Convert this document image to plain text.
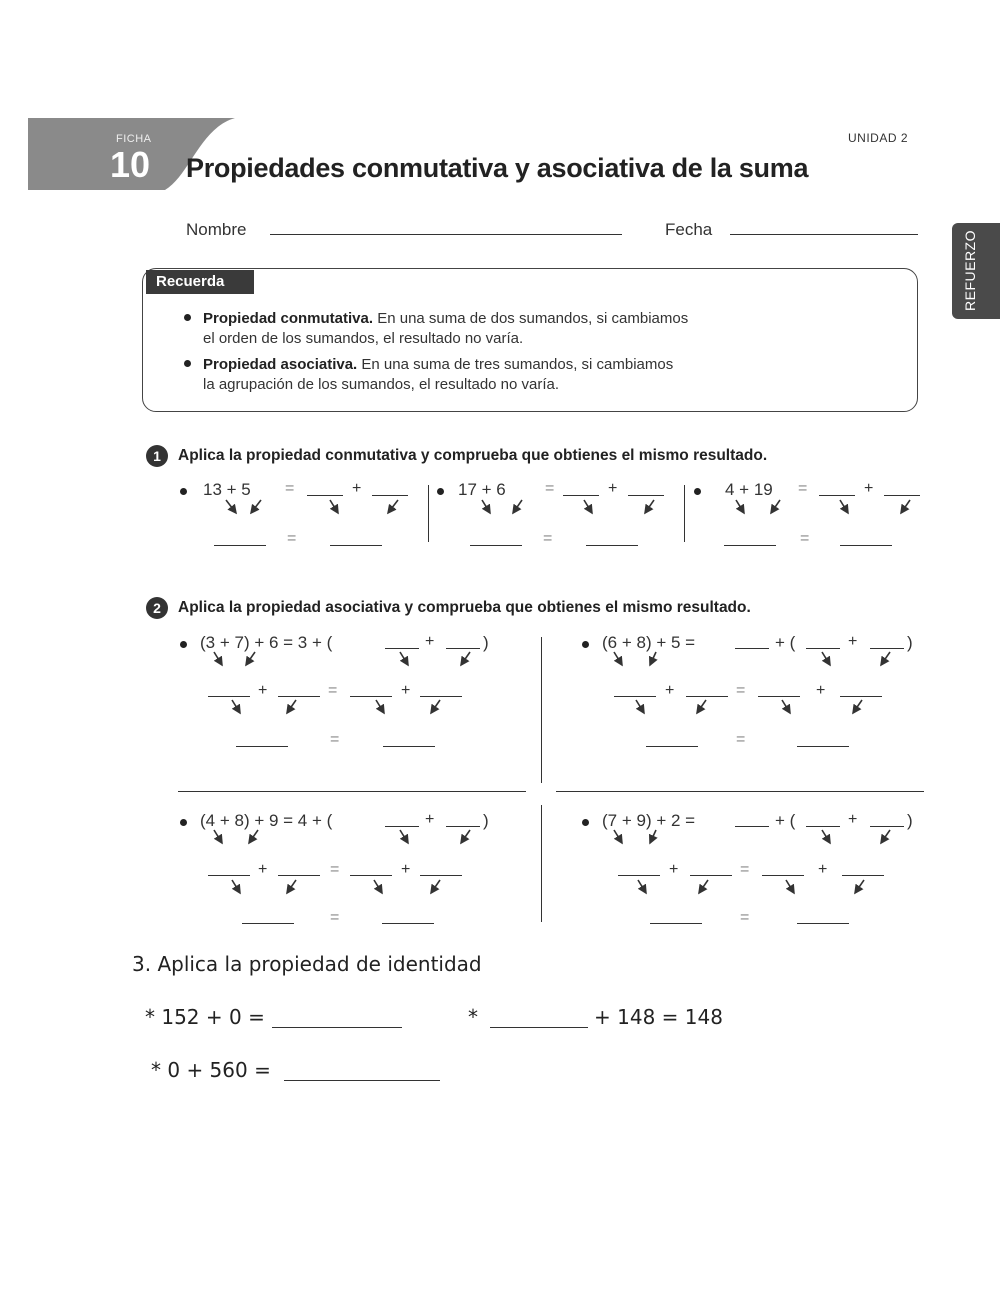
FICHA
10
UNIDAD 2
Propiedades conmutativa y asociativa de la suma
REFUERZO
Nombre	Fecha
Recuerda
Propiedad conmutativa. En una suma de dos sumandos, si cambiamos
el orden de los sumandos, el resultado no varía.
Propiedad asociativa. En una suma de tres sumandos, si cambiamos
la agrupación de los sumandos, el resultado no varía.
1	Aplica la propiedad conmutativa y comprueba que obtienes el mismo resultado.
13 + 5 =	+
=
17 + 6 =	+
=
4 + 19 =	+
=
2	Aplica la propiedad asociativa y comprueba que obtienes el mismo resultado.
(3 + 7) + 6 = 3 + (	+	)
+	=	+
=
(6 + 8) + 5 =	+ (	+	)
+	=	+
=
(4 + 8) + 9 = 4 + (	+	)
+	=	+
=
(7 + 9) + 2 =	+ (	+	)
+	=	+
=
3. Aplica la propiedad de identidad
* 152 + 0 =	*	+ 148 = 148
* 0 + 560 =
